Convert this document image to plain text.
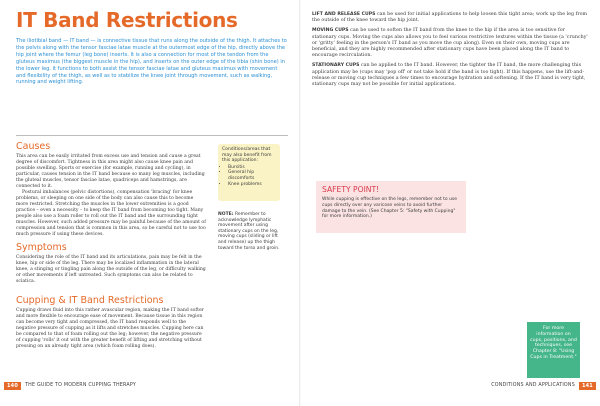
IT Band Restrictions
The iliotibial band — IT band — is connective tissue that runs along the outside of the thigh. It attaches to the pelvis along with the tensor fasciae latae muscle at the outermost edge of the hip, directly above the hip joint where the femur (leg bone) inserts. It is also a connection for most of the tendon from the gluteus maximus (the biggest muscle in the hip), and inserts on the outer edge of the tibia (shin bone) in the lower leg. It functions to both assist the tensor fasciae latae and gluteus maximus with movement and flexibility of the thigh, as well as to stabilize the knee joint through movement, such as walking, running and weight lifting.
Causes

This area can be easily irritated from excess use and tension and cause a great degree of discomfort. Tightness in this area might also cause knee pain and possible swelling. Sports or exercise (for example, running and cycling), in particular, causes tension in the IT band because so many leg muscles, including the gluteal muscles, tensor fasciae latae, quadriceps and hamstrings, are connected to it.

Postural imbalances (pelvic distortions), compensation 'bracing' for knee problems, or sleeping on one side of the body can also cause this to become more restricted. Stretching the muscles in the lower extremities is a good practice – even a necessity – to keep the IT band from becoming too tight. Many people also use a foam roller to roll out the IT band and the surrounding tight muscles. However, such added pressure may be painful because of the amount of compression and tension that is common in this area, so be careful not to use too much pressure if using these devices.

Symptoms

Considering the role of the IT band and its articulations, pain may be felt in the knee, hip or side of the leg. There may be localized inflammation in the lateral knee, a stinging or tingling pain along the outside of the leg, or difficulty walking or other movements if left untreated. Such symptoms can also be related to sciatica.

Cupping & IT Band Restrictions

Cupping draws fluid into this rather avascular region, making the IT band softer and more flexible to encourage ease of movement. Because tissue in this region can become very tight and compressed, the IT band responds well to the negative pressure of cupping as it lifts and stretches muscles. Cupping here can be compared to that of foam rolling out the leg; however, the negative pressure of cupping 'rolls' it out with the greater benefit of lifting and stretching without pressing on an already tight area (which foam rolling does).

Conditions/areas that may also benefit from this application:
• Bursitis
• General hip discomforts
• Knee problems
NOTE: Remember to acknowledge lymphatic movement after using stationary cups on the leg, moving cups (sliding or lift and release) up the thigh toward the torso and groin.
140	THE GUIDE TO MODERN CUPPING THERAPY

LIFT AND RELEASE CUPS can be used for initial applications to help loosen this tight area; work up the leg from the outside of the knee toward the hip joint.

MOVING CUPS can be used to soften the IT band from the knee to the hip if the area is too sensitive for stationary cups. Moving the cups also allows you to feel various restrictive textures within the tissue (a 'crunchy' or 'gritty' feeling in the person's IT band as you move the cup along). Even on their own, moving cups are beneficial, and they are highly recommended after stationary cups have been placed along the IT band to encourage recirculation.

STATIONARY CUPS can be applied to the IT band. However, the tighter the IT band, the more challenging this application may be (cups may 'pop off' or not take hold if the band is too tight). If this happens, use the lift-and-release or moving cup techniques a few times to encourage hydration and softening. If the IT band is very tight, stationary cups may not be possible for initial applications.

SAFETY POINT!
While cupping is effective on the legs, remember not to use cups directly over any varicose veins to avoid further damage to the vein. (See Chapter 5: "Safety with Cupping" for more information.)
For more information on cups, positions, and techniques, see Chapter 8: "Using Cups in Treatment."
CONDITIONS AND APPLICATIONS	141
